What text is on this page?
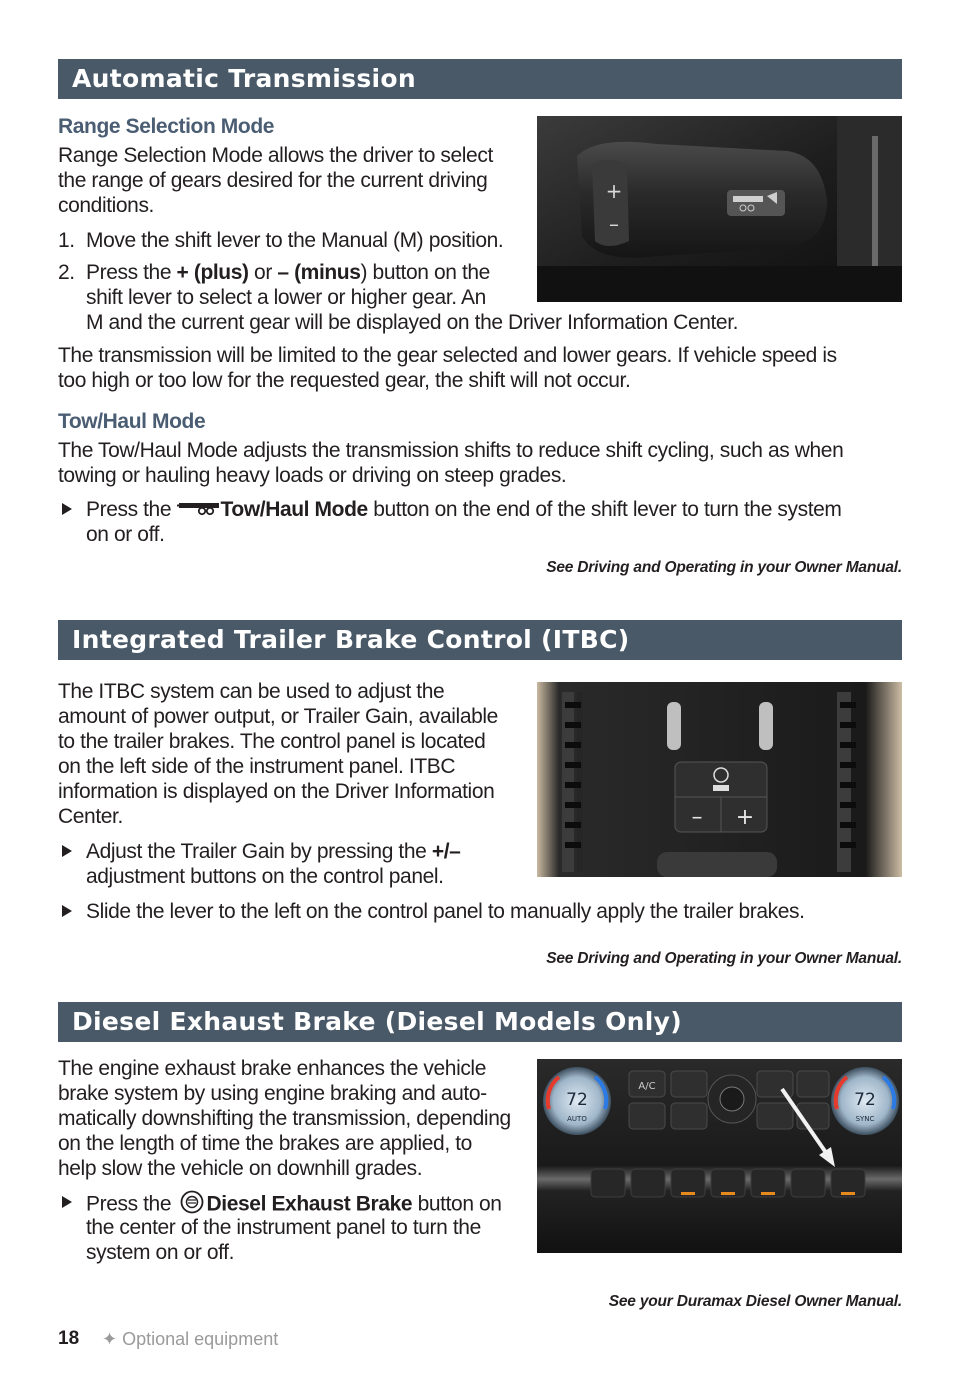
Automatic Transmission
Range Selection Mode
Range Selection Mode allows the driver to select
the range of gears desired for the current driving
conditions.
1. Move the shift lever to the Manual (M) position.
2. Press the + (plus) or – (minus) button on the
shift lever to select a lower or higher gear. An
M and the current gear will be displayed on the Driver Information Center.
The transmission will be limited to the gear selected and lower gears. If vehicle speed is
too high or too low for the requested gear, the shift will not occur.
Tow/Haul Mode
The Tow/Haul Mode adjusts the transmission shifts to reduce shift cycling, such as when
towing or hauling heavy loads or driving on steep grades.
Press the Tow/Haul Mode button on the end of the shift lever to turn the system
on or off.
See Driving and Operating in your Owner Manual.
+
–
Integrated Trailer Brake Control (ITBC)
The ITBC system can be used to adjust the
amount of power output, or Trailer Gain, available
to the trailer brakes. The control panel is located
on the left side of the instrument panel. ITBC
information is displayed on the Driver Information
Center.
Adjust the Trailer Gain by pressing the +/–
adjustment buttons on the control panel.
Slide the lever to the left on the control panel to manually apply the trailer brakes.
See Driving and Operating in your Owner Manual.
– +
Diesel Exhaust Brake (Diesel Models Only)
The engine exhaust brake enhances the vehicle
brake system by using engine braking and auto-
matically downshifting the transmission, depending
on the length of time the brakes are applied, to
help slow the vehicle on downhill grades.
Press the Diesel Exhaust Brake button on
the center of the instrument panel to turn the
system on or off.
See your Duramax Diesel Owner Manual.
72
AUTO
72
SYNC
A/C
18 ✦ Optional equipment
